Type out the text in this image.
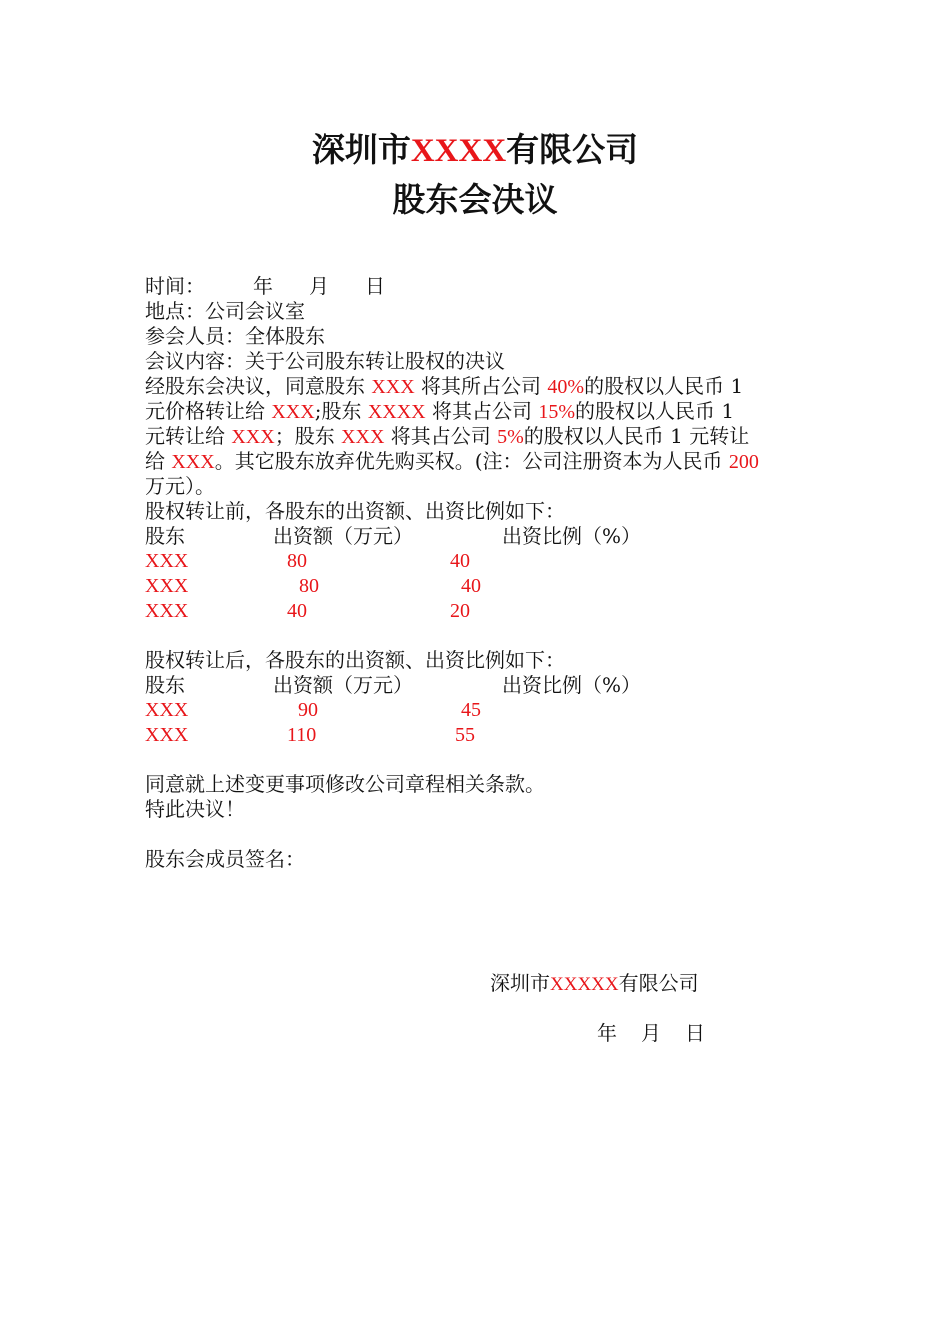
深圳市XXXX有限公司
股东会决议
时间： 年 月 日
地点：公司会议室
参会人员：全体股东
会议内容：关于公司股东转让股权的决议
经股东会决议，同意股东 XXX 将其所占公司 40%的股权以人民币 1
元价格转让给 XXX;股东 XXXX 将其占公司 15%的股权以人民币 1
元转让给 XXX；股东 XXX 将其占公司 5%的股权以人民币 1 元转让
给 XXX。其它股东放弃优先购买权。(注：公司注册资本为人民币 200
万元）。
股权转让前，各股东的出资额、出资比例如下：
股东	出资额（万元）	出资比例（%）
XXX	80	40
XXX	80	40
XXX	40	20
股权转让后，各股东的出资额、出资比例如下：
股东	出资额（万元）	出资比例（%）
XXX	90	45
XXX	110	55
同意就上述变更事项修改公司章程相关条款。
特此决议！
股东会成员签名：
深圳市XXXXX有限公司
年 月 日
